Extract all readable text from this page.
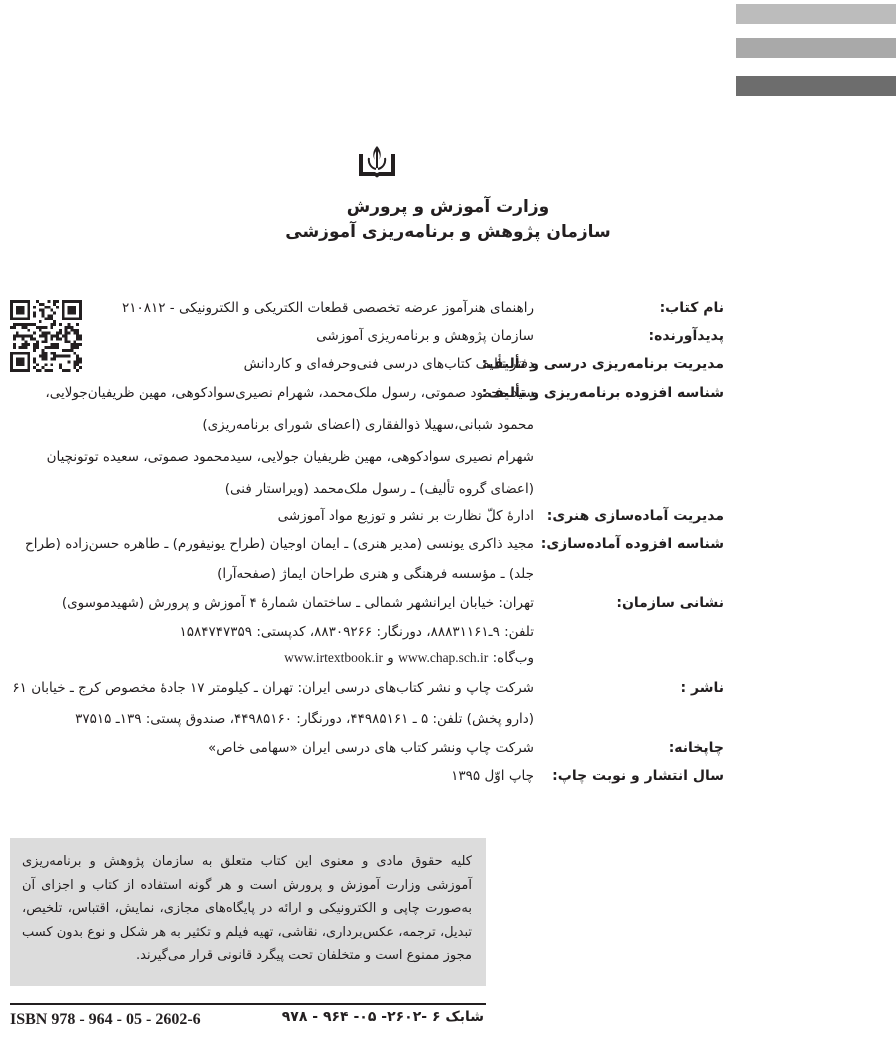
وزارت آموزش و پرورش
سازمان پژوهش و برنامه‌ریزی آموزشی
نام کتاب:
راهنمای هنرآموز عرضه تخصصی قطعات الکتریکی و الکترونیکی - ۲۱۰۸۱۲
پدیدآورنده:
سازمان پژوهش و برنامه‌ریزی آموزشی
مدیریت برنامه‌ریزی درسی و تألیف:
دفتر تألیف کتاب‌های درسی فنی‌وحرفه‌ای و کاردانش
شناسه افزوده برنامه‌ریزی و تألیف:
سید محمود صموتی، رسول ملک‌محمد، شهرام نصیری‌سوادکوهی، مهین ظریفیان‌جولایی،
محمود شبانی،سهیلا ذوالفقاری (اعضای شورای برنامه‌ریزی)
شهرام نصیری سوادکوهی، مهین ظریفیان جولایی، سیدمحمود صموتی، سعیده توتونچیان
(اعضای گروه تألیف) ـ رسول ملک‌محمد (ویراستار فنی)
مدیریت آماده‌سازی هنری:
ادارهٔ کلّ نظارت بر نشر و توزیع مواد آموزشی
شناسه افزوده آماده‌سازی:
مجید ذاکری یونسی (مدیر هنری) ـ ایمان اوجیان (طراح یونیفورم) ـ طاهره حسن‌زاده (طراح
جلد) ـ مؤسسه فرهنگی و هنری طراحان ایماژ (صفحه‌آرا)
نشانی سازمان:
تهران: خیابان ایرانشهر شمالی ـ ساختمان شمارهٔ ۴ آموزش و پرورش (شهیدموسوی)
تلفن: ۹ـ۸۸۸۳۱۱۶۱، دورنگار: ۸۸۳۰۹۲۶۶، کدپستی: ۱۵۸۴۷۴۷۳۵۹
وب‌گاه: www.chap.sch.ir و www.irtextbook.ir
ناشر :
شرکت چاپ و نشر کتاب‌های درسی ایران: تهران ـ کیلومتر ۱۷ جادهٔ مخصوص کرج ـ خیابان ۶۱
(دارو پخش) تلفن: ۵ ـ ۴۴۹۸۵۱۶۱، دورنگار: ۴۴۹۸۵۱۶۰، صندوق پستی: ۱۳۹ـ ۳۷۵۱۵
چاپخانه:
شرکت چاپ ونشر کتاب های درسی ایران «سهامی خاص»
سال انتشار و نوبت چاپ:
چاپ اوّل ۱۳۹۵
کلیه حقوق مادی و معنوی این کتاب متعلق به سازمان پژوهش و برنامه‌ریزی آموزشی وزارت آموزش و پرورش است و هر گونه استفاده از کتاب و اجزای آن به‌صورت چاپی و الکترونیکی و ارائه در پایگاه‌های مجازی، نمایش، اقتباس، تلخیص، تبدیل، ترجمه، عکس‌برداری، نقاشی، تهیه فیلم و تکثیر به هر شکل و نوع بدون کسب مجوز ممنوع است و متخلفان تحت پیگرد قانونی قرار می‌گیرند.
ISBN 978 - 964 - 05 - 2602-6	شابک ۶ -۲۶۰۲- ۰۵- ۹۶۴ - ۹۷۸
